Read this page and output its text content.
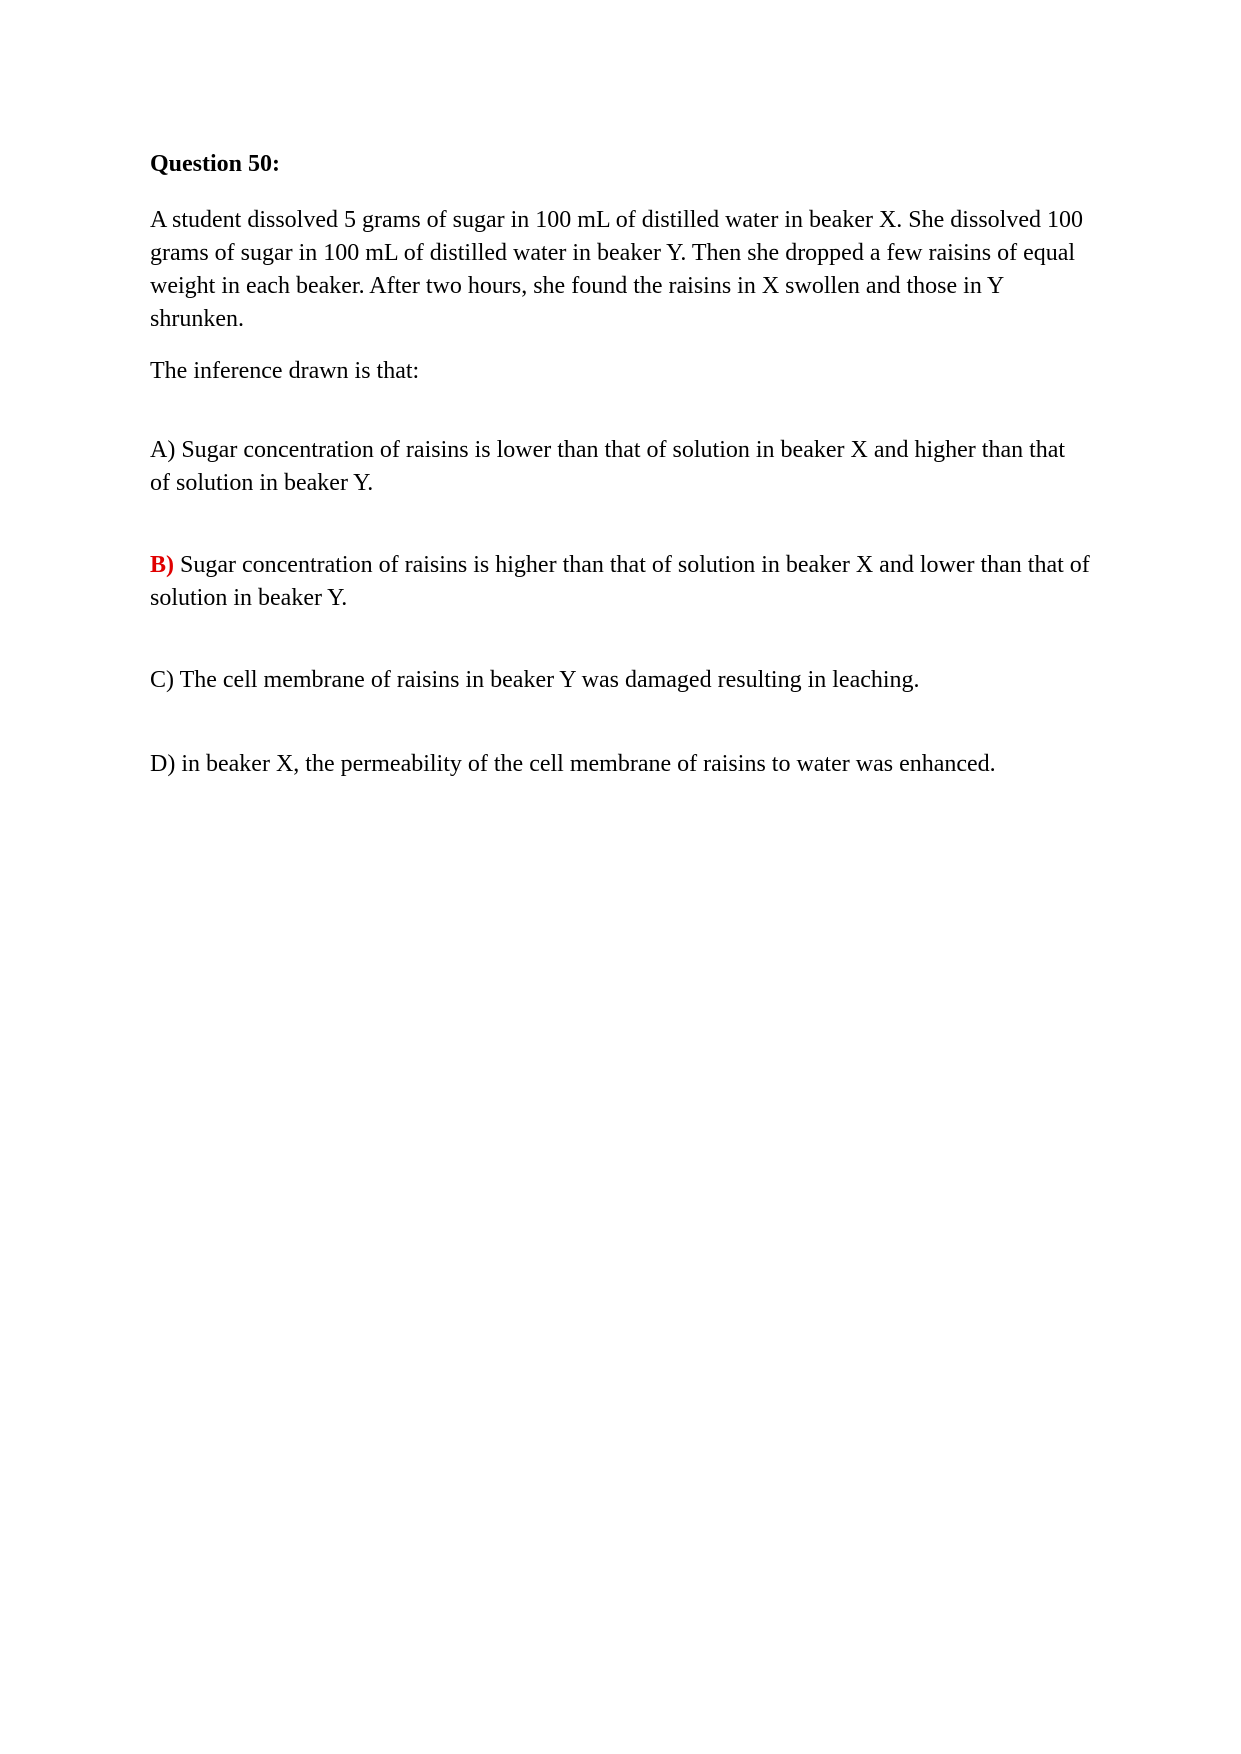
Question 50:

A student dissolved 5 grams of sugar in 100 mL of distilled water in beaker X. She dissolved 100 grams of sugar in 100 mL of distilled water in beaker Y. Then she dropped a few raisins of equal weight in each beaker. After two hours, she found the raisins in X swollen and those in Y shrunken.

The inference drawn is that:

A) Sugar concentration of raisins is lower than that of solution in beaker X and higher than that of solution in beaker Y.

B) Sugar concentration of raisins is higher than that of solution in beaker X and lower than that of solution in beaker Y.

C) The cell membrane of raisins in beaker Y was damaged resulting in leaching.

D) in beaker X, the permeability of the cell membrane of raisins to water was enhanced.
